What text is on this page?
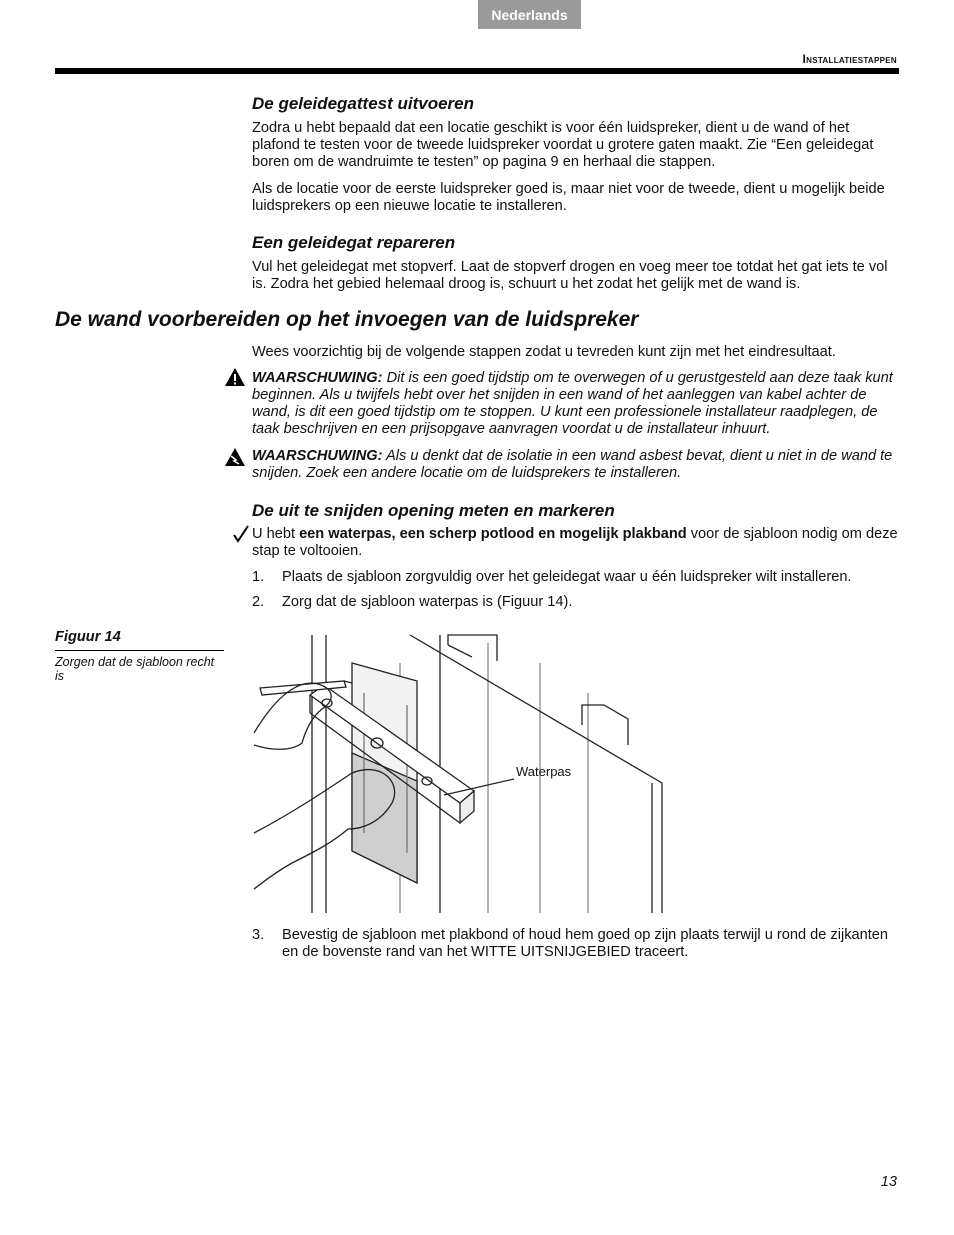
Nederlands
Installatiestappen
De geleidegattest uitvoeren

Zodra u hebt bepaald dat een locatie geschikt is voor één luidspreker, dient u de wand of het plafond te testen voor de tweede luidspreker voordat u grotere gaten maakt. Zie “Een geleidegat boren om de wandruimte te testen” op pagina 9 en herhaal die stappen.

Als de locatie voor de eerste luidspreker goed is, maar niet voor de tweede, dient u mogelijk beide luidsprekers op een nieuwe locatie te installeren.

Een geleidegat repareren

Vul het geleidegat met stopverf. Laat de stopverf drogen en voeg meer toe totdat het gat iets te vol is. Zodra het gebied helemaal droog is, schuurt u het zodat het gelijk met de wand is.

De wand voorbereiden op het invoegen van de luidspreker
Wees voorzichtig bij de volgende stappen zodat u tevreden kunt zijn met het eindresultaat.
WAARSCHUWING: Dit is een goed tijdstip om te overwegen of u gerustgesteld aan deze taak kunt beginnen. Als u twijfels hebt over het snijden in een wand of het aanleggen van kabel achter de wand, is dit een goed tijdstip om te stoppen. U kunt een professionele installateur raadplegen, de taak beschrijven en een prijsopgave aanvragen voordat u de installateur inhuurt.
WAARSCHUWING: Als u denkt dat de isolatie in een wand asbest bevat, dient u niet in de wand te snijden. Zoek een andere locatie om de luidsprekers te installeren.
De uit te snijden opening meten en markeren

U hebt een waterpas, een scherp potlood en mogelijk plakband voor de sjabloon nodig om deze stap te voltooien.

1. Plaats de sjabloon zorgvuldig over het geleidegat waar u één luidspreker wilt installeren.
2. Zorg dat de sjabloon waterpas is (Figuur 14).
Figuur 14
Zorgen dat de sjabloon recht is
Waterpas
3. Bevestig de sjabloon met plakbond of houd hem goed op zijn plaats terwijl u rond de zijkanten en de bovenste rand van het WITTE UITSNIJGEBIED traceert.
13
